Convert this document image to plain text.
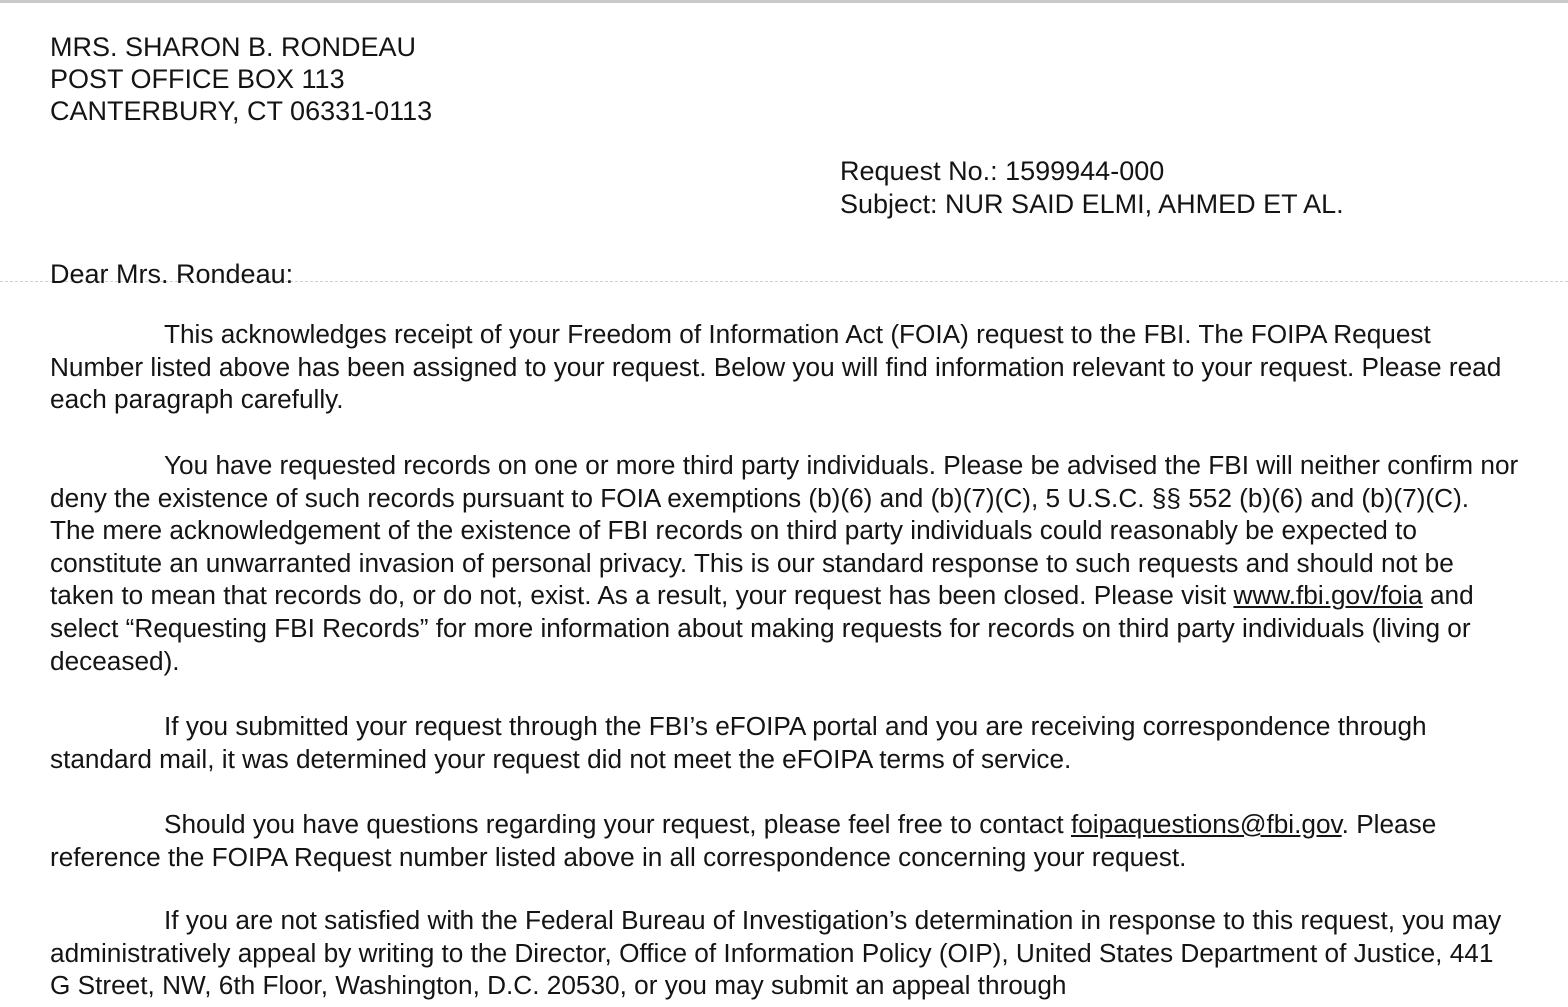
MRS. SHARON B. RONDEAU
POST OFFICE BOX 113
CANTERBURY, CT 06331-0113
Request No.: 1599944-000
Subject: NUR SAID ELMI, AHMED ET AL.
Dear Mrs. Rondeau:

This acknowledges receipt of your Freedom of Information Act (FOIA) request to the FBI. The FOIPA Request Number listed above has been assigned to your request. Below you will find information relevant to your request. Please read each paragraph carefully.

You have requested records on one or more third party individuals. Please be advised the FBI will neither confirm nor deny the existence of such records pursuant to FOIA exemptions (b)(6) and (b)(7)(C), 5 U.S.C. §§ 552 (b)(6) and (b)(7)(C). The mere acknowledgement of the existence of FBI records on third party individuals could reasonably be expected to constitute an unwarranted invasion of personal privacy. This is our standard response to such requests and should not be taken to mean that records do, or do not, exist. As a result, your request has been closed. Please visit www.fbi.gov/foia and select “Requesting FBI Records” for more information about making requests for records on third party individuals (living or deceased).

If you submitted your request through the FBI’s eFOIPA portal and you are receiving correspondence through standard mail, it was determined your request did not meet the eFOIPA terms of service.

Should you have questions regarding your request, please feel free to contact foipaquestions@fbi.gov. Please reference the FOIPA Request number listed above in all correspondence concerning your request.

If you are not satisfied with the Federal Bureau of Investigation’s determination in response to this request, you may administratively appeal by writing to the Director, Office of Information Policy (OIP), United States Department of Justice, 441 G Street, NW, 6th Floor, Washington, D.C. 20530, or you may submit an appeal through
